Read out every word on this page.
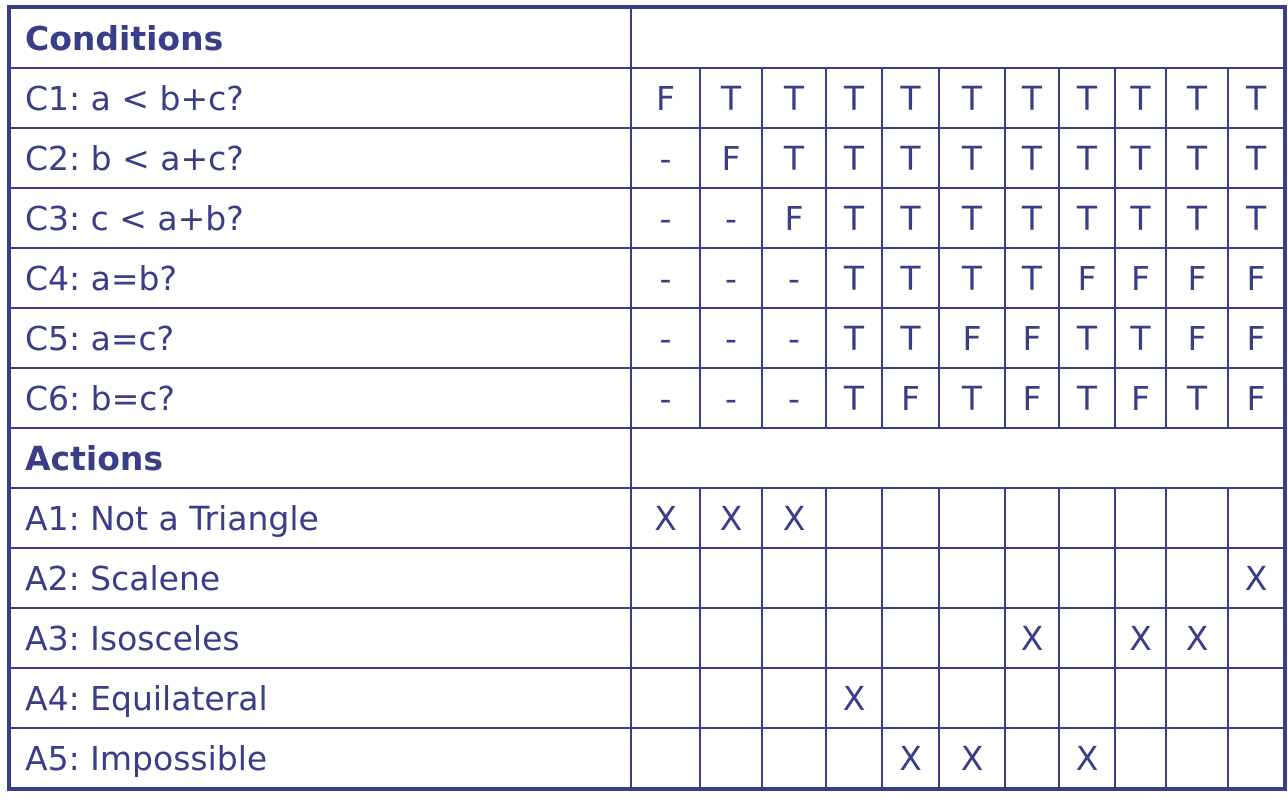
Conditions											
C1: a < b+c?	F	T	T	T	T	T	T	T	T	T	T
C2: b < a+c?	-	F	T	T	T	T	T	T	T	T	T
C3: c < a+b?	-	-	F	T	T	T	T	T	T	T	T
C4: a=b?	-	-	-	T	T	T	T	F	F	F	F
C5: a=c?	-	-	-	T	T	F	F	T	T	F	F
C6: b=c?	-	-	-	T	F	T	F	T	F	T	F
Actions											
A1: Not a Triangle	X	X	X								
A2: Scalene											X
A3: Isosceles							X		X	X	
A4: Equilateral				X							
A5: Impossible					X	X		X			
